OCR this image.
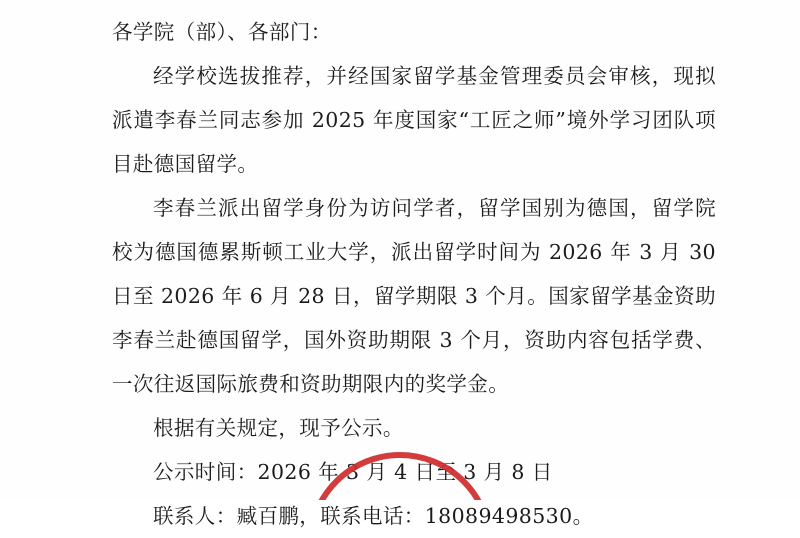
各学院（部）、各部门：

经学校选拔推荐，并经国家留学基金管理委员会审核，现拟派遣李春兰同志参加 2025 年度国家“工匠之师”境外学习团队项目赴德国留学。

李春兰派出留学身份为访问学者，留学国别为德国，留学院校为德国德累斯顿工业大学，派出留学时间为 2026 年 3 月 30 日至 2026 年 6 月 28 日，留学期限 3 个月。国家留学基金资助李春兰赴德国留学，国外资助期限 3 个月，资助内容包括学费、一次往返国际旅费和资助期限内的奖学金。

根据有关规定，现予公示。

公示时间：2026 年 3 月 4 日至 3 月 8 日

联系人：臧百鹏，联系电话：18089498530。
